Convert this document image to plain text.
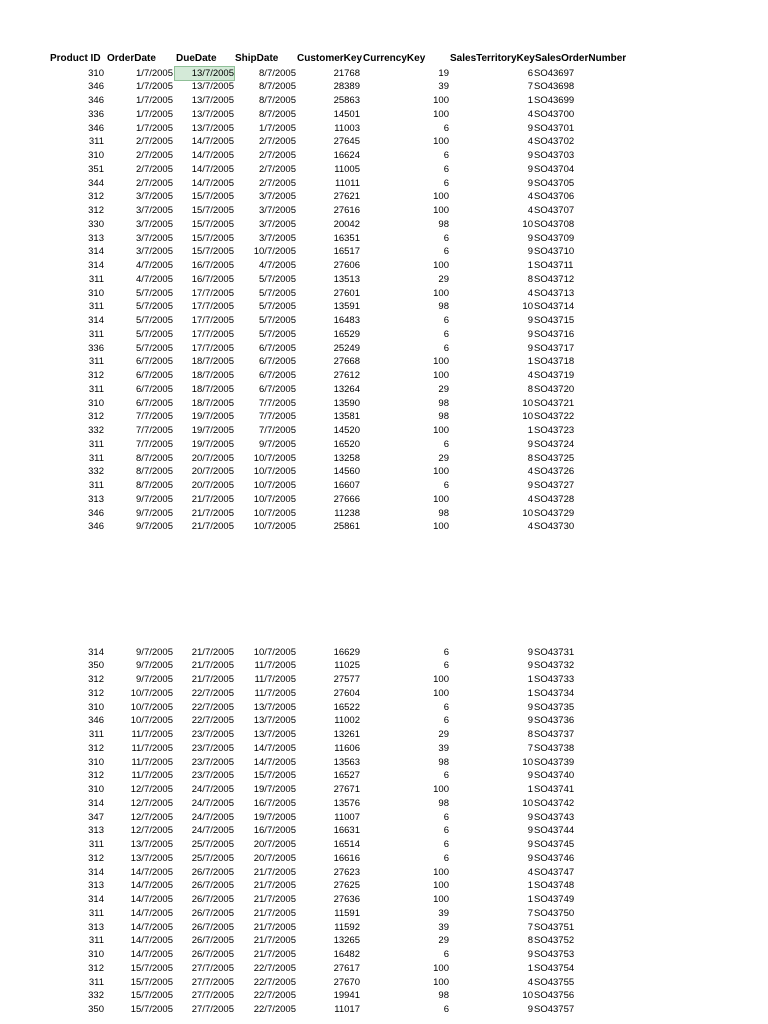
Product ID OrderDate DueDate ShipDate CustomerKey CurrencyKey SalesTerritoryKey SalesOrderNumber
310	1/7/2005	13/7/2005	8/7/2005	21768	19	6 SO43697
346	1/7/2005	13/7/2005	8/7/2005	28389	39	7 SO43698
346	1/7/2005	13/7/2005	8/7/2005	25863	100	1 SO43699
336	1/7/2005	13/7/2005	8/7/2005	14501	100	4 SO43700
346	1/7/2005	13/7/2005	1/7/2005	11003	6	9 SO43701
311	2/7/2005	14/7/2005	2/7/2005	27645	100	4 SO43702
310	2/7/2005	14/7/2005	2/7/2005	16624	6	9 SO43703
351	2/7/2005	14/7/2005	2/7/2005	11005	6	9 SO43704
344	2/7/2005	14/7/2005	2/7/2005	11011	6	9 SO43705
312	3/7/2005	15/7/2005	3/7/2005	27621	100	4 SO43706
312	3/7/2005	15/7/2005	3/7/2005	27616	100	4 SO43707
330	3/7/2005	15/7/2005	3/7/2005	20042	98	10 SO43708
313	3/7/2005	15/7/2005	3/7/2005	16351	6	9 SO43709
314	3/7/2005	15/7/2005	10/7/2005	16517	6	9 SO43710
314	4/7/2005	16/7/2005	4/7/2005	27606	100	1 SO43711
311	4/7/2005	16/7/2005	5/7/2005	13513	29	8 SO43712
310	5/7/2005	17/7/2005	5/7/2005	27601	100	4 SO43713
311	5/7/2005	17/7/2005	5/7/2005	13591	98	10 SO43714
314	5/7/2005	17/7/2005	5/7/2005	16483	6	9 SO43715
311	5/7/2005	17/7/2005	5/7/2005	16529	6	9 SO43716
336	5/7/2005	17/7/2005	6/7/2005	25249	6	9 SO43717
311	6/7/2005	18/7/2005	6/7/2005	27668	100	1 SO43718
312	6/7/2005	18/7/2005	6/7/2005	27612	100	4 SO43719
311	6/7/2005	18/7/2005	6/7/2005	13264	29	8 SO43720
310	6/7/2005	18/7/2005	7/7/2005	13590	98	10 SO43721
312	7/7/2005	19/7/2005	7/7/2005	13581	98	10 SO43722
332	7/7/2005	19/7/2005	7/7/2005	14520	100	1 SO43723
311	7/7/2005	19/7/2005	9/7/2005	16520	6	9 SO43724
311	8/7/2005	20/7/2005	10/7/2005	13258	29	8 SO43725
332	8/7/2005	20/7/2005	10/7/2005	14560	100	4 SO43726
311	8/7/2005	20/7/2005	10/7/2005	16607	6	9 SO43727
313	9/7/2005	21/7/2005	10/7/2005	27666	100	4 SO43728
346	9/7/2005	21/7/2005	10/7/2005	11238	98	10 SO43729
346	9/7/2005	21/7/2005	10/7/2005	25861	100	4 SO43730
314	9/7/2005	21/7/2005	10/7/2005	16629	6	9 SO43731
350	9/7/2005	21/7/2005	11/7/2005	11025	6	9 SO43732
312	9/7/2005	21/7/2005	11/7/2005	27577	100	1 SO43733
312	10/7/2005	22/7/2005	11/7/2005	27604	100	1 SO43734
310	10/7/2005	22/7/2005	13/7/2005	16522	6	9 SO43735
346	10/7/2005	22/7/2005	13/7/2005	11002	6	9 SO43736
311	11/7/2005	23/7/2005	13/7/2005	13261	29	8 SO43737
312	11/7/2005	23/7/2005	14/7/2005	11606	39	7 SO43738
310	11/7/2005	23/7/2005	14/7/2005	13563	98	10 SO43739
312	11/7/2005	23/7/2005	15/7/2005	16527	6	9 SO43740
310	12/7/2005	24/7/2005	19/7/2005	27671	100	1 SO43741
314	12/7/2005	24/7/2005	16/7/2005	13576	98	10 SO43742
347	12/7/2005	24/7/2005	19/7/2005	11007	6	9 SO43743
313	12/7/2005	24/7/2005	16/7/2005	16631	6	9 SO43744
311	13/7/2005	25/7/2005	20/7/2005	16514	6	9 SO43745
312	13/7/2005	25/7/2005	20/7/2005	16616	6	9 SO43746
314	14/7/2005	26/7/2005	21/7/2005	27623	100	4 SO43747
313	14/7/2005	26/7/2005	21/7/2005	27625	100	1 SO43748
314	14/7/2005	26/7/2005	21/7/2005	27636	100	1 SO43749
311	14/7/2005	26/7/2005	21/7/2005	11591	39	7 SO43750
313	14/7/2005	26/7/2005	21/7/2005	11592	39	7 SO43751
311	14/7/2005	26/7/2005	21/7/2005	13265	29	8 SO43752
310	14/7/2005	26/7/2005	21/7/2005	16482	6	9 SO43753
312	15/7/2005	27/7/2005	22/7/2005	27617	100	1 SO43754
311	15/7/2005	27/7/2005	22/7/2005	27670	100	4 SO43755
332	15/7/2005	27/7/2005	22/7/2005	19941	98	10 SO43756
350	15/7/2005	27/7/2005	22/7/2005	11017	6	9 SO43757
